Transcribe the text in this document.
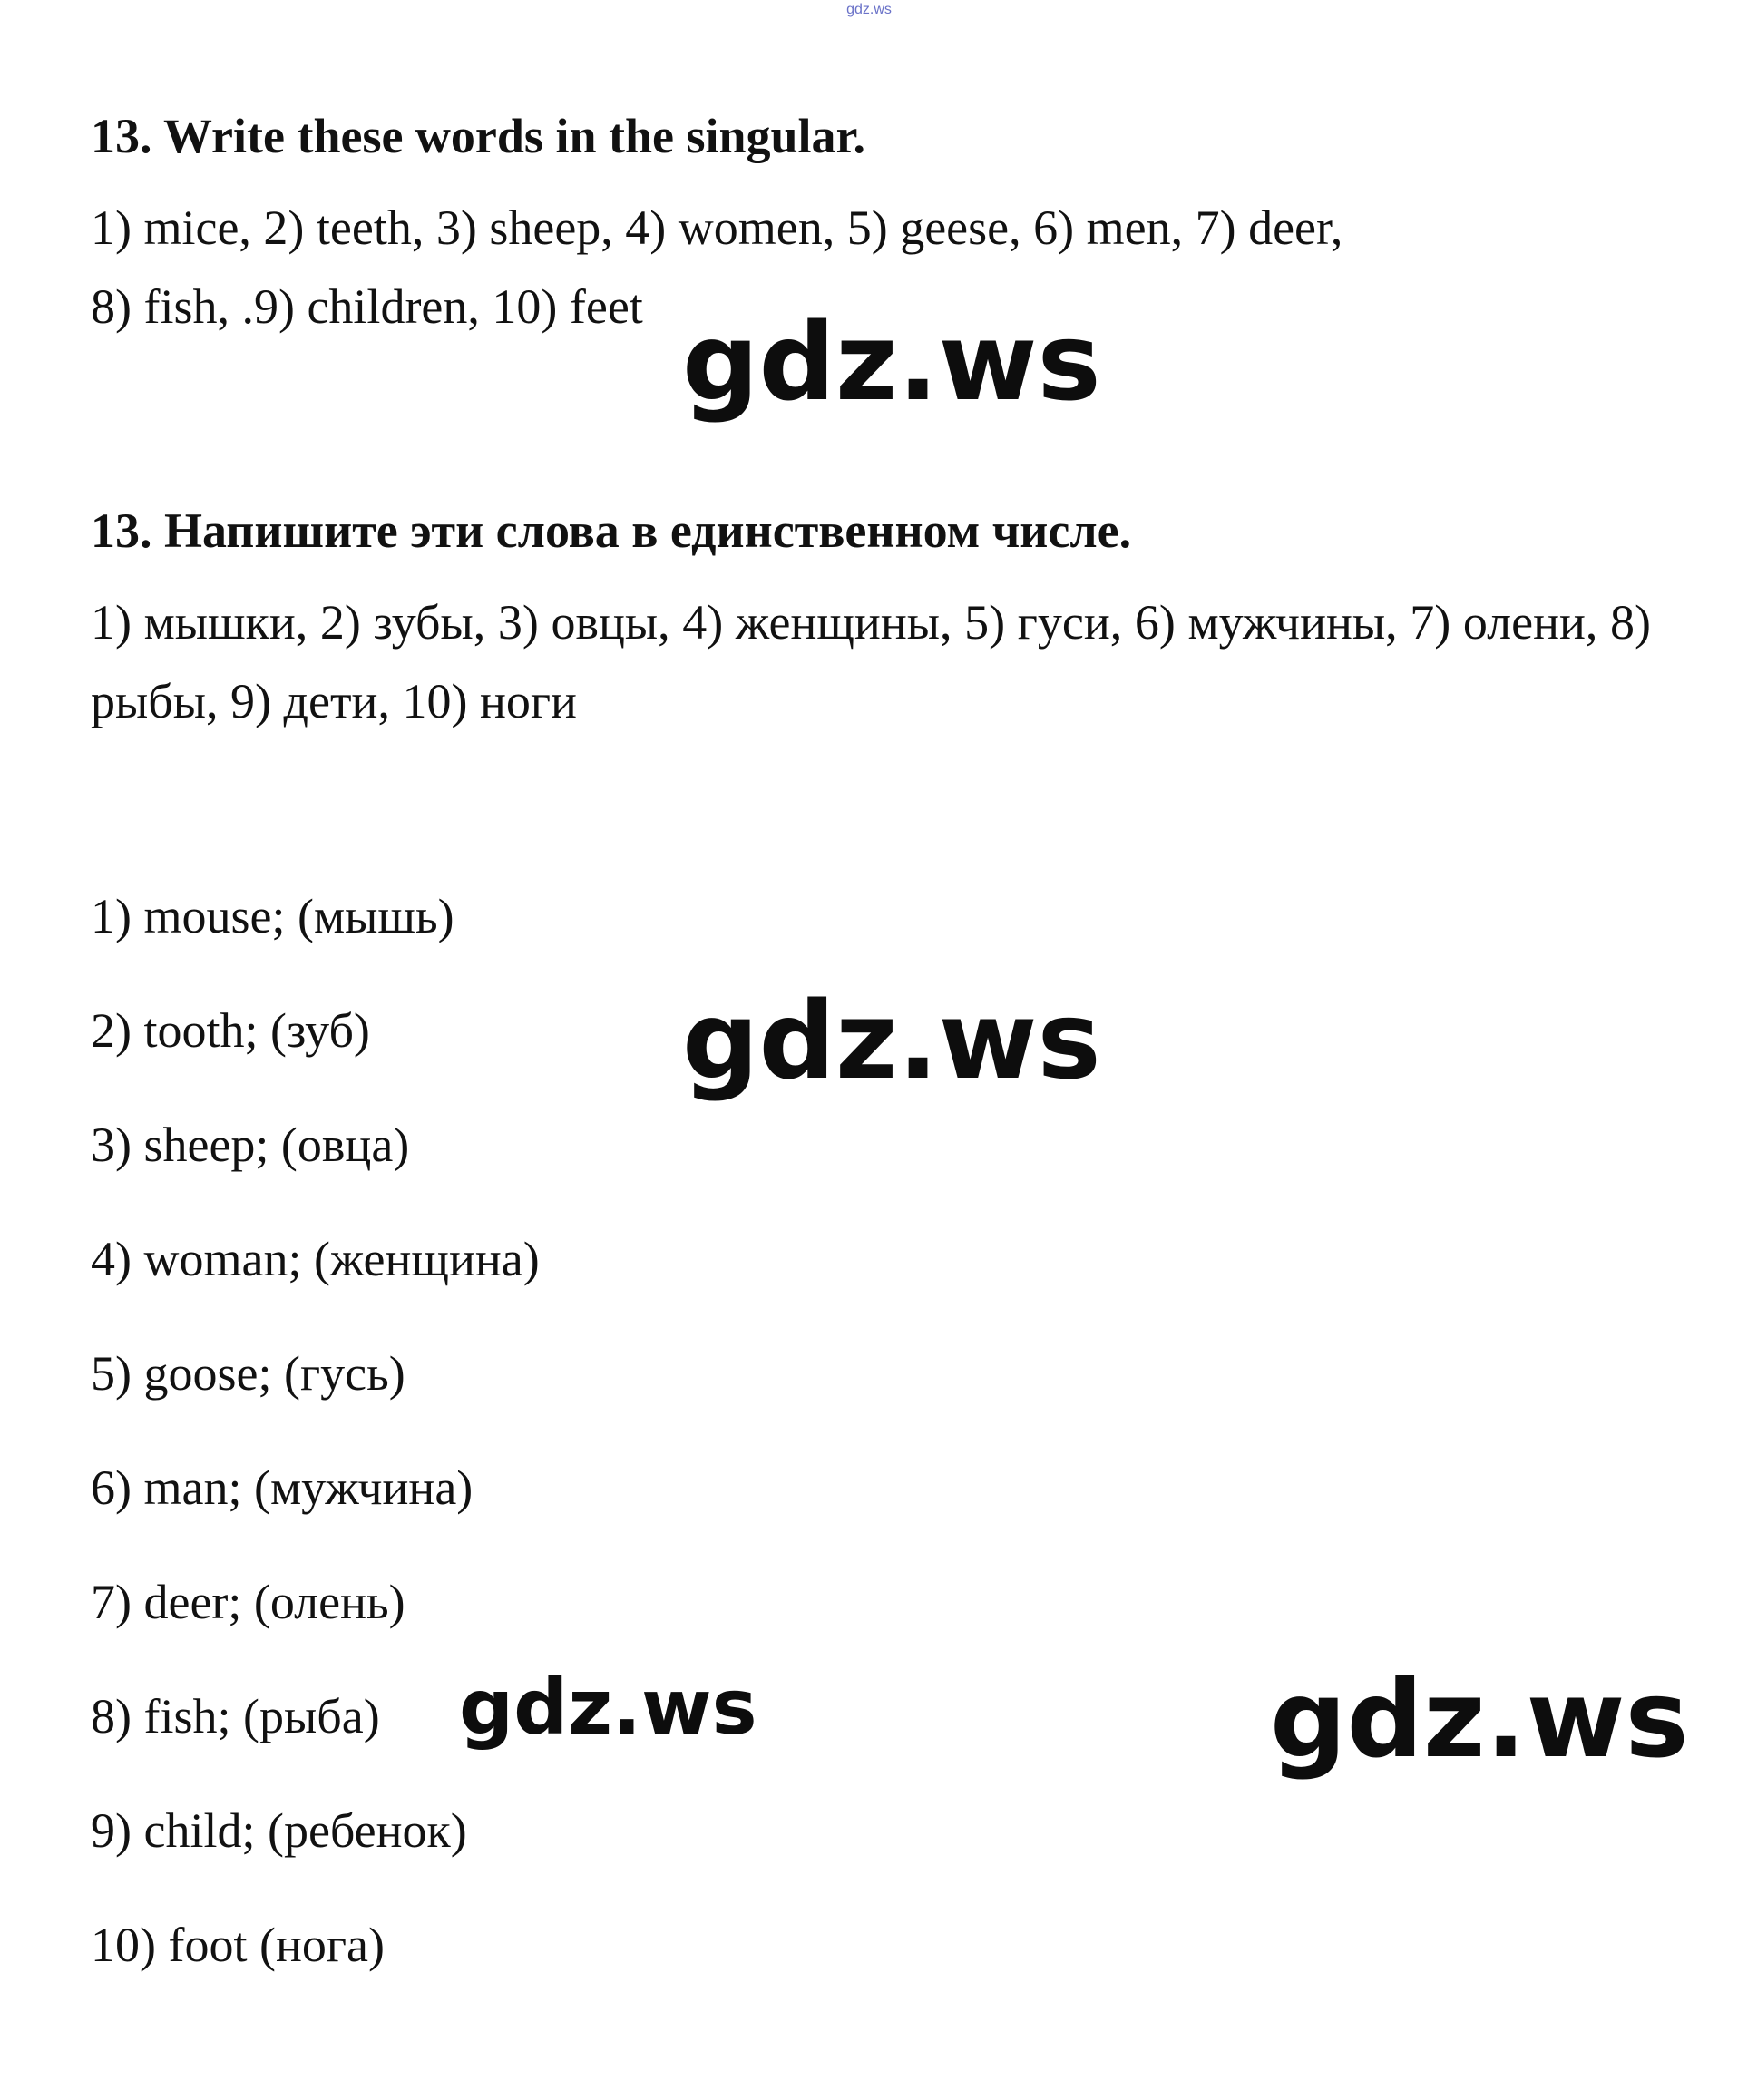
gdz.ws

13. Write these words in the singular.

1) mice, 2) teeth, 3) sheep, 4) women, 5) geese, 6) men, 7) deer,

8) fish, .9) children, 10) feet

13. Напишите эти слова в единственном числе.

1) мышки, 2) зубы, 3) овцы, 4) женщины, 5) гуси, 6) мужчины, 7) олени, 8) рыбы, 9) дети, 10) ноги

1) mouse; (мышь)
2) tooth; (зуб)
3) sheep; (овца)
4) woman; (женщина)
5) goose; (гусь)
6) man; (мужчина)
7) deer; (олень)
8) fish; (рыба)
9) child; (ребенок)
10) foot (нога)
gdz.ws
gdz.ws
gdz.ws	gdz.ws
